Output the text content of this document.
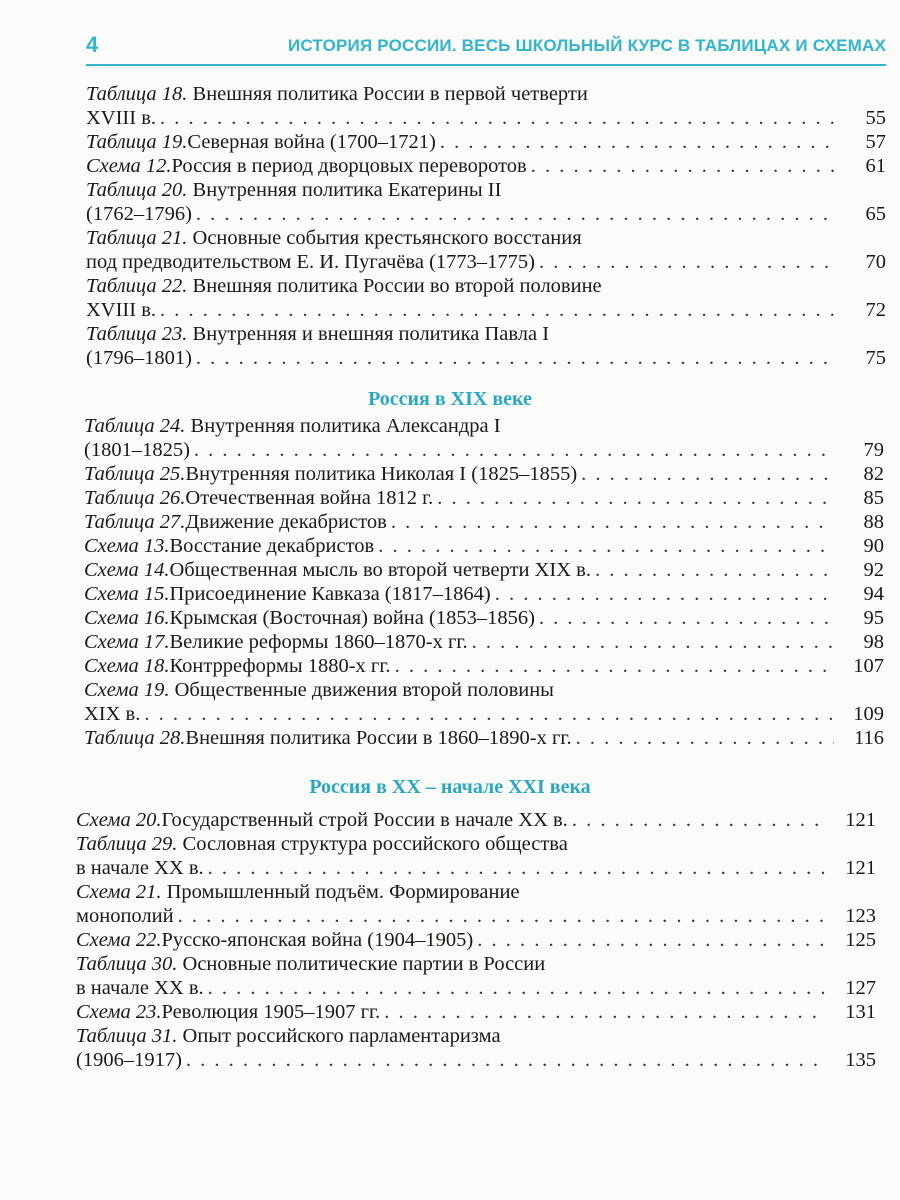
4	ИСТОРИЯ РОССИИ. ВЕСЬ ШКОЛЬНЫЙ КУРС В ТАБЛИЦАХ И СХЕМАХ
Таблица 18. Внешняя политика России в первой четверти
XVIII в. . . .	55
Таблица 19. Северная война (1700–1721) . . .	57
Схема 12. Россия в период дворцовых переворотов . . .	61
Таблица 20. Внутренняя политика Екатерины II
(1762–1796) . . .	65
Таблица 21. Основные события крестьянского восстания
под предводительством Е. И. Пугачёва (1773–1775) . . .	70
Таблица 22. Внешняя политика России во второй половине
XVIII в. . . .	72
Таблица 23. Внутренняя и внешняя политика Павла I
(1796–1801) . . .	75
Россия в XIX веке
Таблица 24. Внутренняя политика Александра I
(1801–1825) . . .	79
Таблица 25. Внутренняя политика Николая I (1825–1855) . . .	82
Таблица 26. Отечественная война 1812 г. . . .	85
Таблица 27. Движение декабристов . . .	88
Схема 13. Восстание декабристов . . .	90
Схема 14. Общественная мысль во второй четверти XIX в. . . .	92
Схема 15. Присоединение Кавказа (1817–1864) . . .	94
Схема 16. Крымская (Восточная) война (1853–1856) . . .	95
Схема 17. Великие реформы 1860–1870-х гг. . . .	98
Схема 18. Контрреформы 1880-х гг. . . .	107
Схема 19. Общественные движения второй половины
XIX в. . . .	109
Таблица 28. Внешняя политика России в 1860–1890-х гг. . . .	116
Россия в XX – начале XXI века
Схема 20. Государственный строй России в начале XX в. . . .	121
Таблица 29. Сословная структура российского общества
в начале XX в. . . .	121
Схема 21. Промышленный подъём. Формирование
монополий . . .	123
Схема 22. Русско-японская война (1904–1905) . . .	125
Таблица 30. Основные политические партии в России
в начале XX в. . . .	127
Схема 23. Революция 1905–1907 гг. . . .	131
Таблица 31. Опыт российского парламентаризма
(1906–1917) . . .	135
